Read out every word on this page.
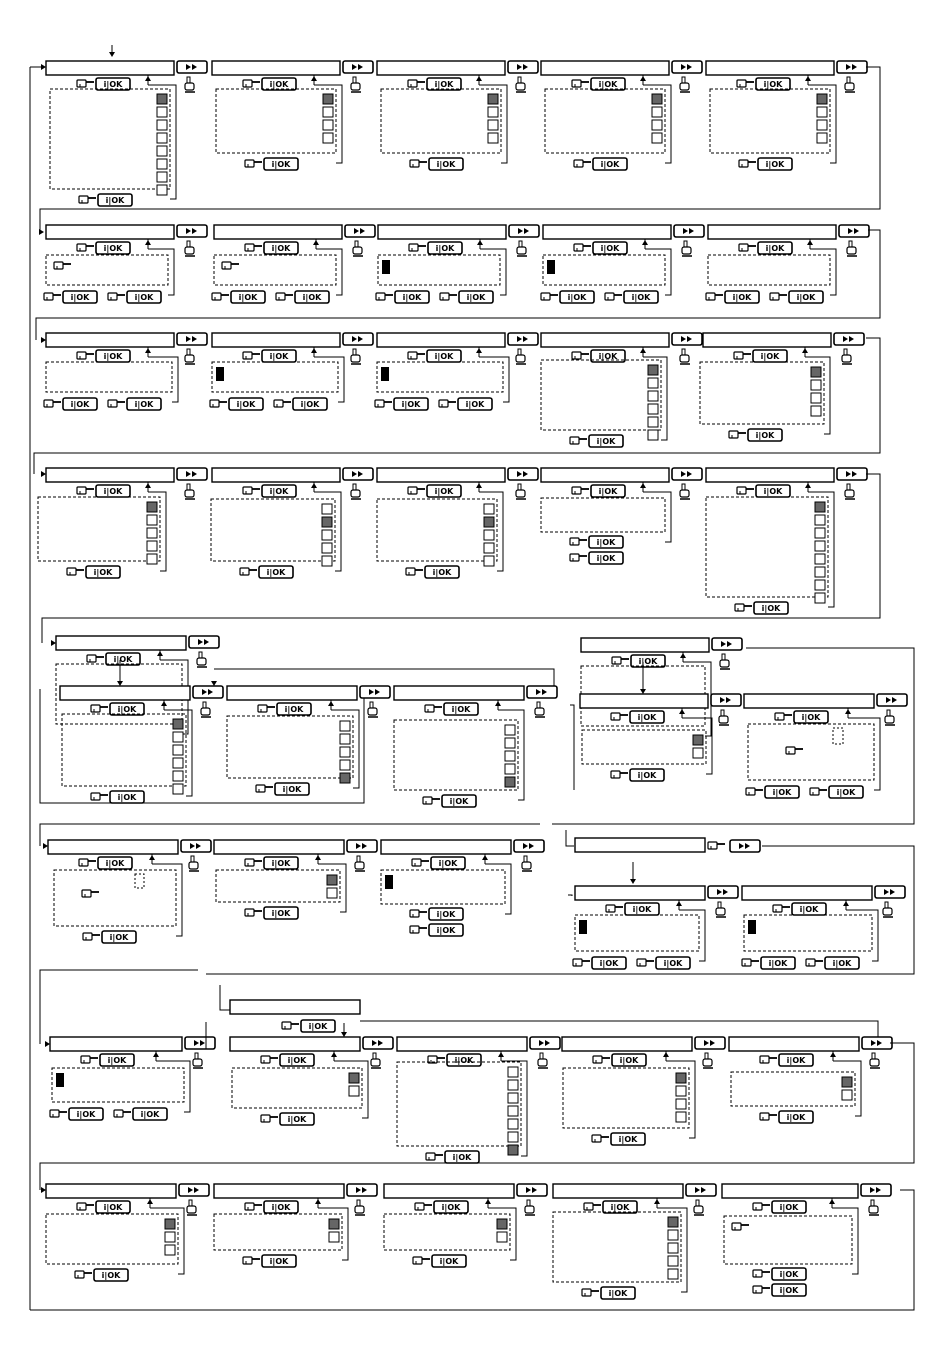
i|OK
i|OK
i|OK
i|OK
i|OK
i|OK
i|OK
i|OK
i|OK
i|OK
i|OK
i|OK	i|OK
i|OK
i|OK	i|OK
i|OK
i|OK	i|OK
i|OK
i|OK	i|OK
i|OK
i|OK	i|OK
i|OK
i|OK	i|OK
i|OK
i|OK	i|OK
i|OK
i|OK	i|OK
i|OK
i|OK
i|OK
i|OK
i|OK
i|OK
i|OK
i|OK
i|OK
i|OK
i|OK
i|OK
i|OK
i|OK
i|OK
i|OK
i|OK
i|OK
i|OK
i|OK
i|OK
i|OK
i|OK
i|OK
i|OK
i|OK
i|OK	i|OK
i|OK
i|OK
i|OK
i|OK
i|OK
i|OK
i|OK
i|OK
i|OK	i|OK
i|OK
i|OK	i|OK
i|OK
i|OK	i|OK
i|OK
i|OK
i|OK
i|OK
i|OK
i|OK
i|OK
i|OK
i|OK
i|OK
i|OK
i|OK
i|OK
i|OK
i|OK
i|OK
i|OK
i|OK
i|OK
i|OK
